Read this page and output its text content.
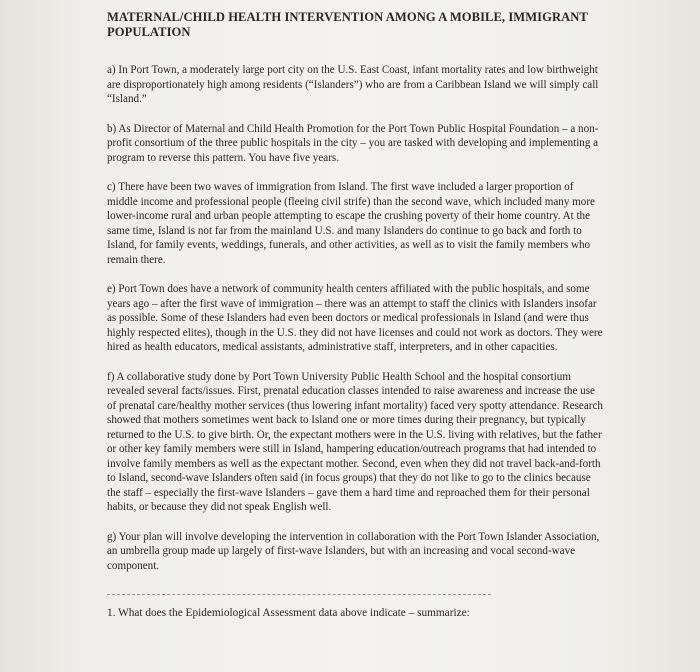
MATERNAL/CHILD HEALTH INTERVENTION AMONG A MOBILE, IMMIGRANT POPULATION

a) In Port Town, a moderately large port city on the U.S. East Coast, infant mortality rates and low birthweight are disproportionately high among residents (“Islanders”) who are from a Caribbean Island we will simply call “Island.”

b) As Director of Maternal and Child Health Promotion for the Port Town Public Hospital Foundation – a non-profit consortium of the three public hospitals in the city – you are tasked with developing and implementing a program to reverse this pattern. You have five years.

c) There have been two waves of immigration from Island. The first wave included a larger proportion of middle income and professional people (fleeing civil strife) than the second wave, which included many more lower-income rural and urban people attempting to escape the crushing poverty of their home country. At the same time, Island is not far from the mainland U.S. and many Islanders do continue to go back and forth to Island, for family events, weddings, funerals, and other activities, as well as to visit the family members who remain there.

e) Port Town does have a network of community health centers affiliated with the public hospitals, and some years ago – after the first wave of immigration – there was an attempt to staff the clinics with Islanders insofar as possible. Some of these Islanders had even been doctors or medical professionals in Island (and were thus highly respected elites), though in the U.S. they did not have licenses and could not work as doctors. They were hired as health educators, medical assistants, administrative staff, interpreters, and in other capacities.

f) A collaborative study done by Port Town University Public Health School and the hospital consortium revealed several facts/issues. First, prenatal education classes intended to raise awareness and increase the use of prenatal care/healthy mother services (thus lowering infant mortality) faced very spotty attendance. Research showed that mothers sometimes went back to Island one or more times during their pregnancy, but typically returned to the U.S. to give birth. Or, the expectant mothers were in the U.S. living with relatives, but the father or other key family members were still in Island, hampering education/outreach programs that had intended to involve family members as well as the expectant mother. Second, even when they did not travel back-and-forth to Island, second-wave Islanders often said (in focus groups) that they do not like to go to the clinics because the staff – especially the first-wave Islanders – gave them a hard time and reproached them for their personal habits, or because they did not speak English well.

g) Your plan will involve developing the intervention in collaboration with the Port Town Islander Association, an umbrella group made up largely of first-wave Islanders, but with an increasing and vocal second-wave component.

1. What does the Epidemiological Assessment data above indicate – summarize:
